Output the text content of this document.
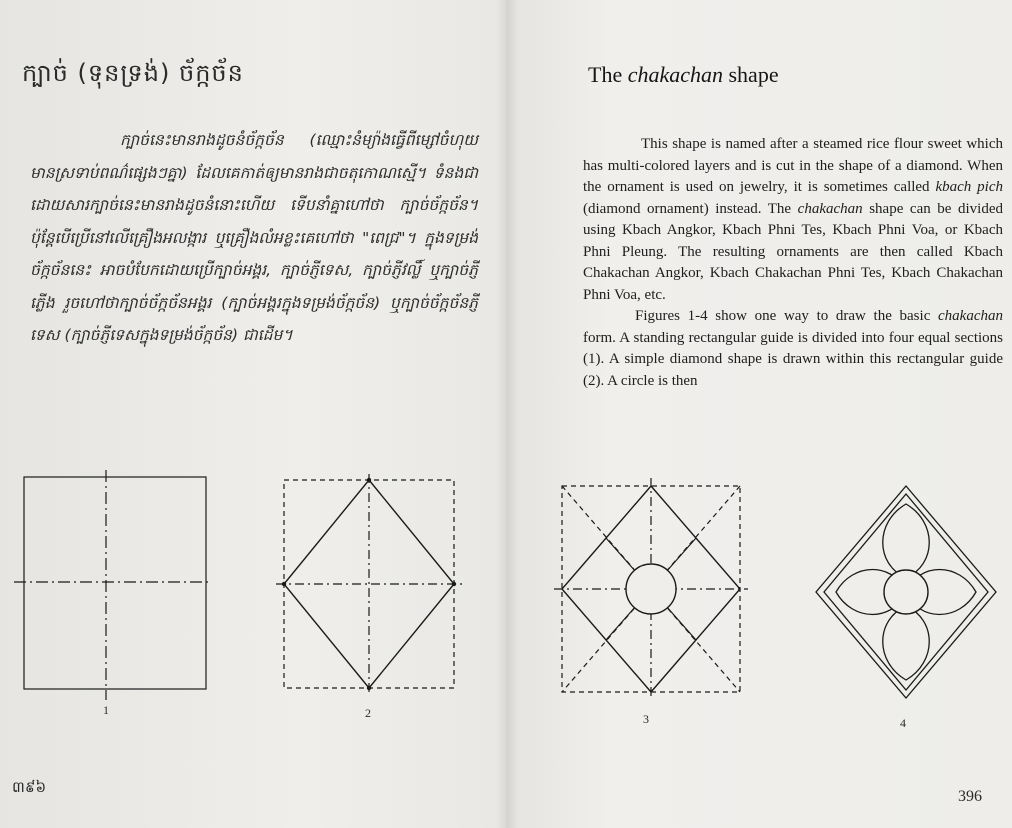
ក្បាច់ (ទុនទ្រង់) ច័ក្កច័ន

ក្បាច់នេះមានរាងដូចនំច័ក្កច័ន (ឈ្មោះនំម្យ៉ាងធ្វើពីម្សៅចំហុយ មានស្រទាប់ពណ៌ផ្សេងៗគ្នា) ដែលគេកាត់ឲ្យមានរាងជាចតុកោណស្មើ។ ទំនងជាដោយសារក្បាច់នេះមានរាងដូចនំនោះហើយ ទើបនាំគ្នាហៅថា ក្បាច់ច័ក្កច័ន។ ប៉ុន្តែបើប្រើនៅលើគ្រឿងអលង្ការ ឬគ្រឿងលំអខ្លះគេហៅថា "ពេជ្រ"។ ក្នុងទម្រង់ច័ក្កច័ននេះ អាចបំបែកដោយប្រើក្បាច់អង្គរ, ក្បាច់ភ្ញីទេស, ក្បាច់ភ្ញីវល្លិ៍ ឬក្បាច់ភ្ញីភ្លើង រួចហៅថាក្បាច់ច័ក្កច័នអង្គរ (ក្បាច់អង្គរក្នុងទម្រង់ច័ក្កច័ន) ឬក្បាច់ច័ក្កច័នភ្ញីទេស (ក្បាច់ភ្ញីទេសក្នុងទម្រង់ច័ក្កច័ន) ជាដើម។

The chakachan shape

This shape is named after a steamed rice flour sweet which has multi-colored layers and is cut in the shape of a diamond. When the ornament is used on jewelry, it is sometimes called kbach pich (diamond ornament) instead. The chakachan shape can be divided using Kbach Angkor, Kbach Phni Tes, Kbach Phni Voa, or Kbach Phni Pleung. The resulting ornaments are then called Kbach Chakachan Angkor, Kbach Chakachan Phni Tes, Kbach Chakachan Phni Voa, etc.

Figures 1-4 show one way to draw the basic chakachan form. A standing rectangular guide is divided into four equal sections (1). A simple diamond shape is drawn within this rectangular guide (2). A circle is then

1	2	3	4
៣៩៦
396
